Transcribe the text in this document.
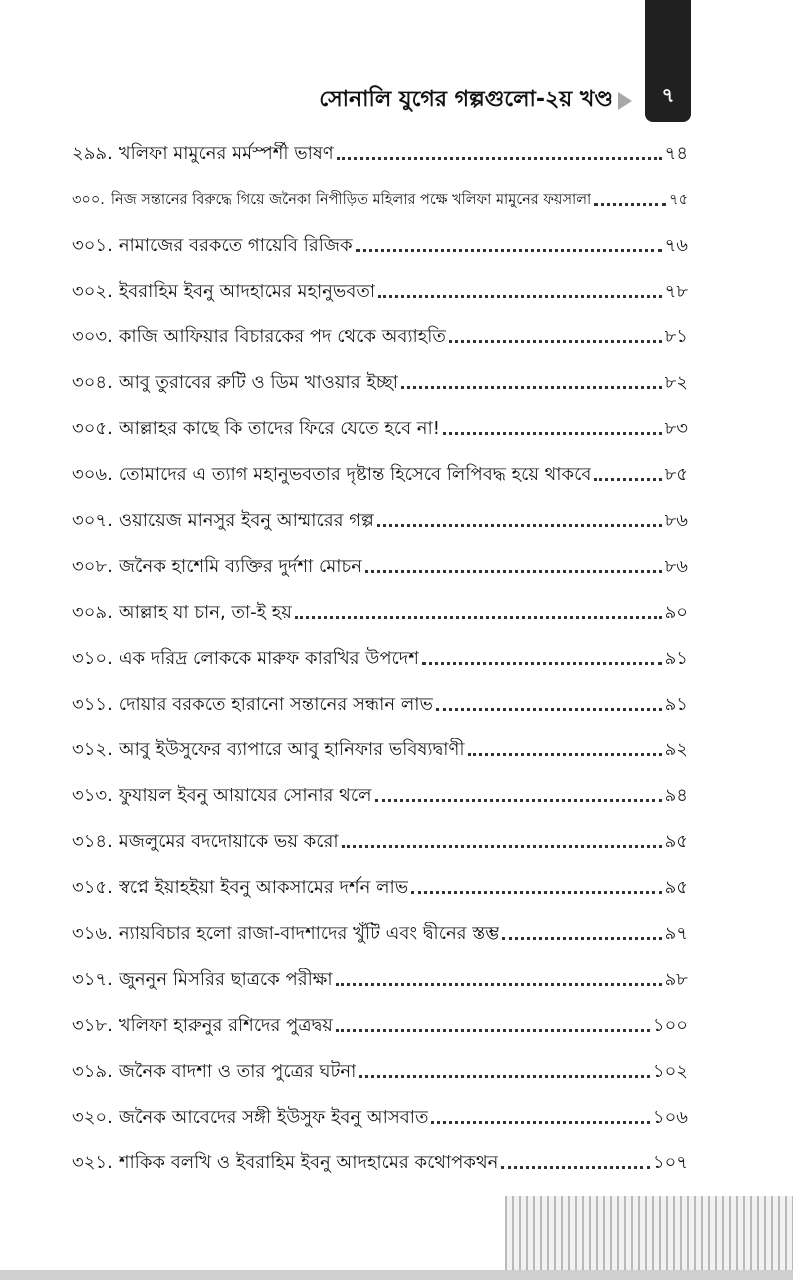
৭
সোনালি যুগের গল্পগুলো-২য় খণ্ড
২৯৯. খলিফা মামুনের মর্মস্পর্শী ভাষণ	৭৪
৩০০. নিজ সন্তানের বিরুদ্ধে গিয়ে জনৈকা নিপীড়িত মহিলার পক্ষে খলিফা মামুনের ফয়সালা	৭৫
৩০১. নামাজের বরকতে গায়েবি রিজিক	৭৬
৩০২. ইবরাহিম ইবনু আদহামের মহানুভবতা	৭৮
৩০৩. কাজি আফিয়ার বিচারকের পদ থেকে অব্যাহতি	৮১
৩০৪. আবু তুরাবের রুটি ও ডিম খাওয়ার ইচ্ছা	৮২
৩০৫. আল্লাহর কাছে কি তাদের ফিরে যেতে হবে না!	৮৩
৩০৬. তোমাদের এ ত্যাগ মহানুভবতার দৃষ্টান্ত হিসেবে লিপিবদ্ধ হয়ে থাকবে	৮৫
৩০৭. ওয়ায়েজ মানসুর ইবনু আম্মারের গল্প	৮৬
৩০৮. জনৈক হাশেমি ব্যক্তির দুর্দশা মোচন	৮৬
৩০৯. আল্লাহ যা চান, তা-ই হয়	৯০
৩১০. এক দরিদ্র লোককে মারুফ কারখির উপদেশ	৯১
৩১১. দোয়ার বরকতে হারানো সন্তানের সন্ধান লাভ	৯১
৩১২. আবু ইউসুফের ব্যাপারে আবু হানিফার ভবিষ্যদ্বাণী	৯২
৩১৩. ফুযায়ল ইবনু আয়াযের সোনার থলে	৯৪
৩১৪. মজলুমের বদদোয়াকে ভয় করো	৯৫
৩১৫. স্বপ্নে ইয়াহইয়া ইবনু আকসামের দর্শন লাভ	৯৫
৩১৬. ন্যায়বিচার হলো রাজা-বাদশাদের খুঁটি এবং দ্বীনের স্তম্ভ	৯৭
৩১৭. জুননুন মিসরির ছাত্রকে পরীক্ষা	৯৮
৩১৮. খলিফা হারুনুর রশিদের পুত্রদ্বয়	১০০
৩১৯. জনৈক বাদশা ও তার পুত্রের ঘটনা	১০২
৩২০. জনৈক আবেদের সঙ্গী ইউসুফ ইবনু আসবাত	১০৬
৩২১. শাকিক বলখি ও ইবরাহিম ইবনু আদহামের কথোপকথন	১০৭
